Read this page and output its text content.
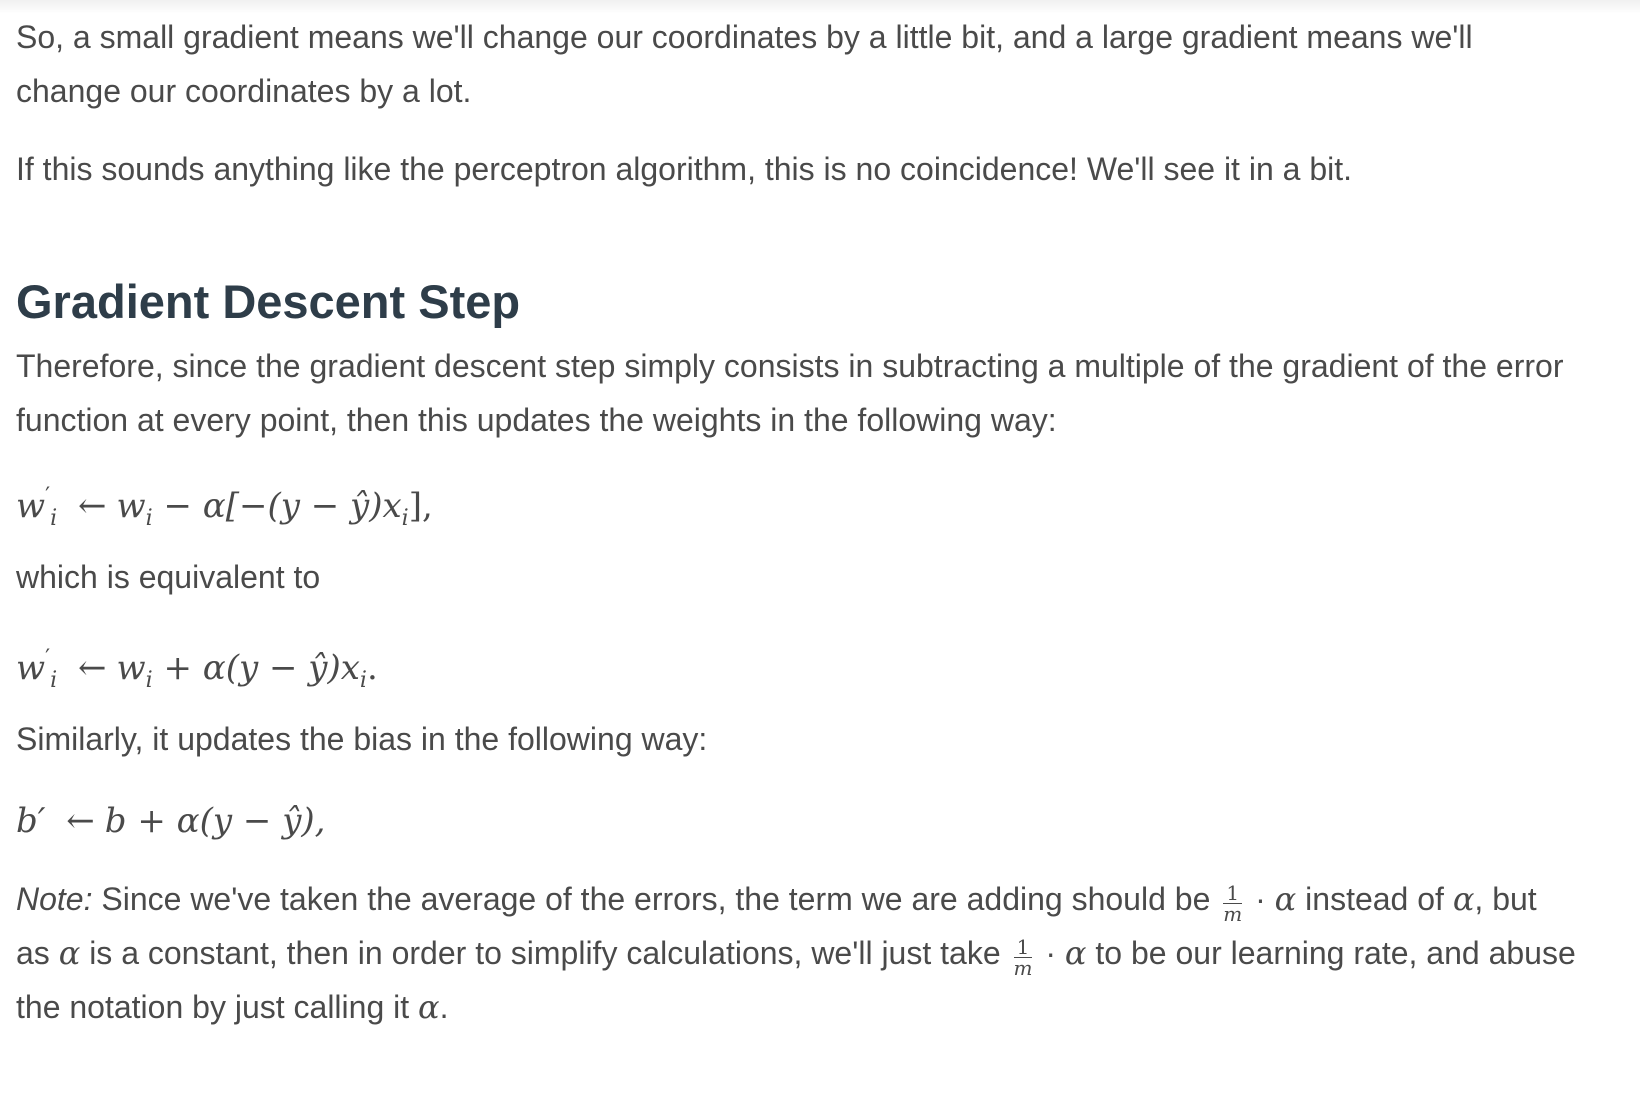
So, a small gradient means we'll change our coordinates by a little bit, and a large gradient means we'll change our coordinates by a lot.

If this sounds anything like the perceptron algorithm, this is no coincidence! We'll see it in a bit.

Gradient Descent Step

Therefore, since the gradient descent step simply consists in subtracting a multiple of the gradient of the error function at every point, then this updates the weights in the following way:

$w'_i$ ← $w_i - \alpha[-(y$ − $ŷ)x_i$],

which is equivalent to

$w'_i$ ← $w_i + \alpha(y$ − $ŷ)x_i$.

Similarly, it updates the bias in the following way:

b′ ← b + α(y − ŷ),

Note: Since we've taken the average of the errors, the term we are adding should be $\frac{1}{m} \cdot \alpha$ instead of α, but as α is a constant, then in order to simplify calculations, we'll just take $\frac{1}{m} \cdot \alpha$ to be our learning rate, and abuse the notation by just calling it α.
